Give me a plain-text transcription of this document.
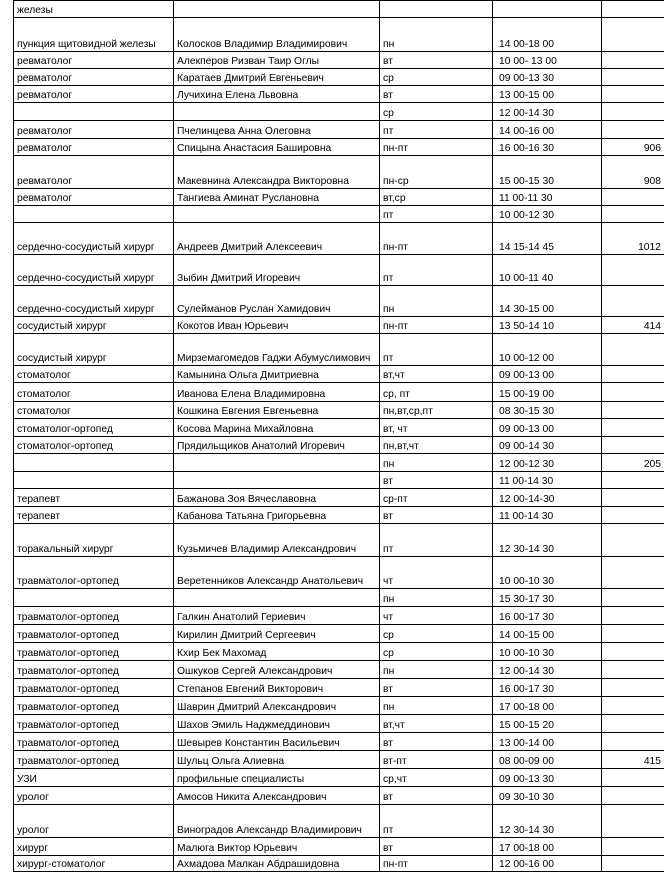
железы				
пункция щитовидной железы	Колосков Владимир Владимирович	пн	14 00-18 00	
ревматолог	Алекперов Ризван Таир Оглы	вт	10 00- 13 00	
ревматолог	Каратаев Дмитрий Евгеньевич	ср	09 00-13 30	
ревматолог	Лучихина Елена Львовна	вт	13 00-15 00	
		ср	12 00-14 30	
ревматолог	Пчелинцева Анна Олеговна	пт	14 00-16 00	
ревматолог	Спицына Анастасия Башировна	пн-пт	16 00-16 30	906
ревматолог	Макевнина Александра Викторовна	пн-ср	15 00-15 30	908
ревматолог	Тангиева Аминат Руслановна	вт,ср	11 00-11 30	
		пт	10 00-12 30	
сердечно-сосудистый хирург	Андреев Дмитрий Алексеевич	пн-пт	14 15-14 45	1012
сердечно-сосудистый хирург	Зыбин Дмитрий Игоревич	пт	10 00-11 40	
сердечно-сосудистый хирург	Сулейманов Руслан Хамидович	пн	14 30-15 00	
сосудистый хирург	Кокотов Иван Юрьевич	пн-пт	13 50-14 10	414
сосудистый хирург	Мирземагомедов Гаджи Абумуслимович	пт	10 00-12 00	
стоматолог	Камынина Ольга Дмитриевна	вт,чт	09 00-13 00	
стоматолог	Иванова Елена Владимировна	ср, пт	15 00-19 00	
стоматолог	Кошкина Евгения Евгеньевна	пн,вт,ср,пт	08 30-15 30	
стоматолог-ортопед	Косова Марина Михайловна	вт, чт	09 00-13 00	
стоматолог-ортопед	Прядильщиков Анатолий Игоревич	пн,вт,чт	09 00-14 30	
		пн	12 00-12 30	205
		вт	11 00-14 30	
терапевт	Бажанова Зоя Вячеславовна	ср-пт	12 00-14-30	
терапевт	Кабанова Татьяна Григорьевна	вт	11 00-14 30	
торакальный хирург	Кузьмичев Владимир Александрович	пт	12 30-14 30	
травматолог-ортопед	Веретенников Александр Анатольевич	чт	10 00-10 30	
		пн	15 30-17 30	
травматолог-ортопед	Галкин Анатолий Гериевич	чт	16 00-17 30	
травматолог-ортопед	Кирилин Дмитрий Сергеевич	ср	14 00-15 00	
травматолог-ортопед	Кхир Бек Махомад	ср	10 00-10 30	
травматолог-ортопед	Ошкуков Сергей Александрович	пн	12 00-14 30	
травматолог-ортопед	Степанов Евгений Викторович	вт	16 00-17 30	
травматолог-ортопед	Шаврин Дмитрий Александрович	пн	17 00-18 00	
травматолог-ортопед	Шахов Эмиль Наджмеддинович	вт,чт	15 00-15 20	
травматолог-ортопед	Шевырев Константин Васильевич	вт	13 00-14 00	
травматолог-ортопед	Шульц Ольга Алиевна	вт-пт	08 00-09 00	415
УЗИ	профильные специалисты	ср,чт	09 00-13 30	
уролог	Амосов Никита Александрович	вт	09 30-10 30	
уролог	Виноградов Александр Владимирович	пт	12 30-14 30	
хирург	Малюга Виктор Юрьевич	вт	17 00-18 00	
хирург-стоматолог	Ахмадова Малкан Абдрашидовна	пн-пт	12 00-16 00	
